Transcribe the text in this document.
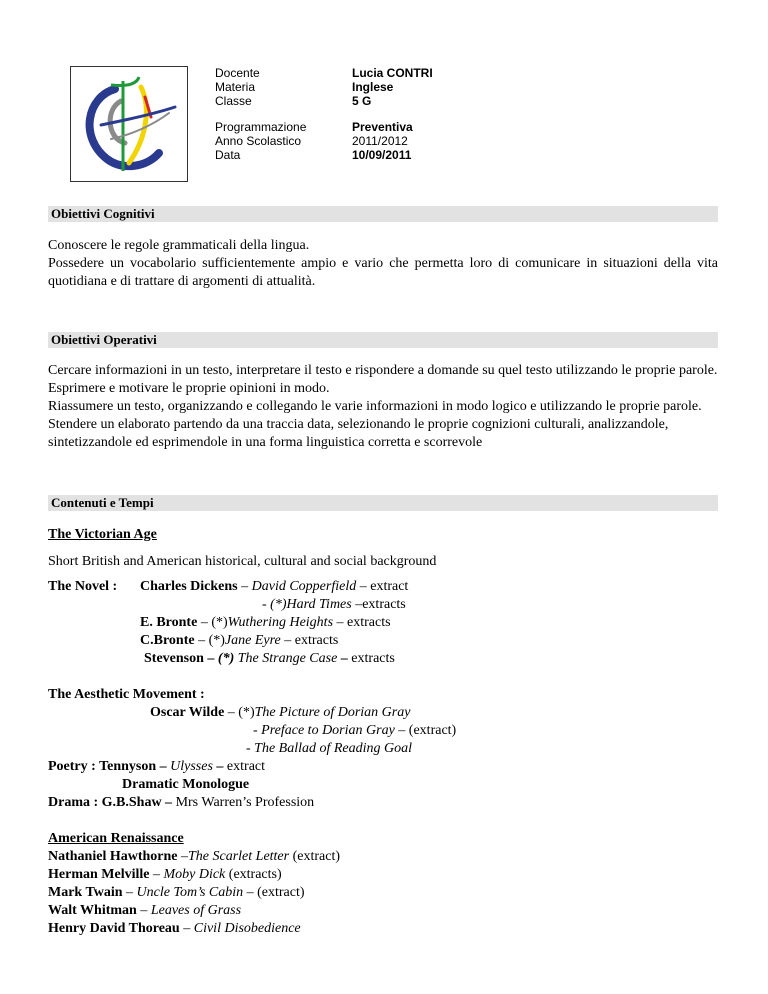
Docente
Materia
Classe
Lucia CONTRI
Inglese
5 G
Programmazione
Anno Scolastico
Data
Preventiva
2011/2012
10/09/2011
Obiettivi Cognitivi

Conoscere le regole grammaticali della lingua.

Possedere un vocabolario sufficientemente ampio e vario che permetta loro di comunicare in situazioni della vita quotidiana e di trattare di argomenti di attualità.

Obiettivi Operativi

Cercare informazioni in un testo, interpretare il testo e rispondere a domande su quel testo utilizzando le proprie parole.

Esprimere e motivare le proprie opinioni in modo.

Riassumere un testo, organizzando e collegando le varie informazioni in modo logico e utilizzando le proprie parole.

Stendere un elaborato partendo da una traccia data, selezionando le proprie cognizioni culturali, analizzandole, sintetizzandole ed esprimendole in una forma linguistica corretta e scorrevole

Contenuti e Tempi
The Victorian Age
Short British and American historical, cultural and social background
The Novel : Charles Dickens – David Copperfield – extract
- (*)Hard Times –extracts
E. Bronte – (*)Wuthering Heights – extracts
C.Bronte – (*)Jane Eyre – extracts
Stevenson – (*) The Strange Case – extracts
The Aesthetic Movement :
Oscar Wilde – (*)The Picture of Dorian Gray
- Preface to Dorian Gray – (extract)
- The Ballad of Reading Goal
Poetry : Tennyson – Ulysses – extract
Dramatic Monologue
Drama : G.B.Shaw – Mrs Warren’s Profession
American Renaissance
Nathaniel Hawthorne –The Scarlet Letter (extract)
Herman Melville – Moby Dick (extracts)
Mark Twain – Uncle Tom’s Cabin – (extract)
Walt Whitman – Leaves of Grass
Henry David Thoreau – Civil Disobedience
